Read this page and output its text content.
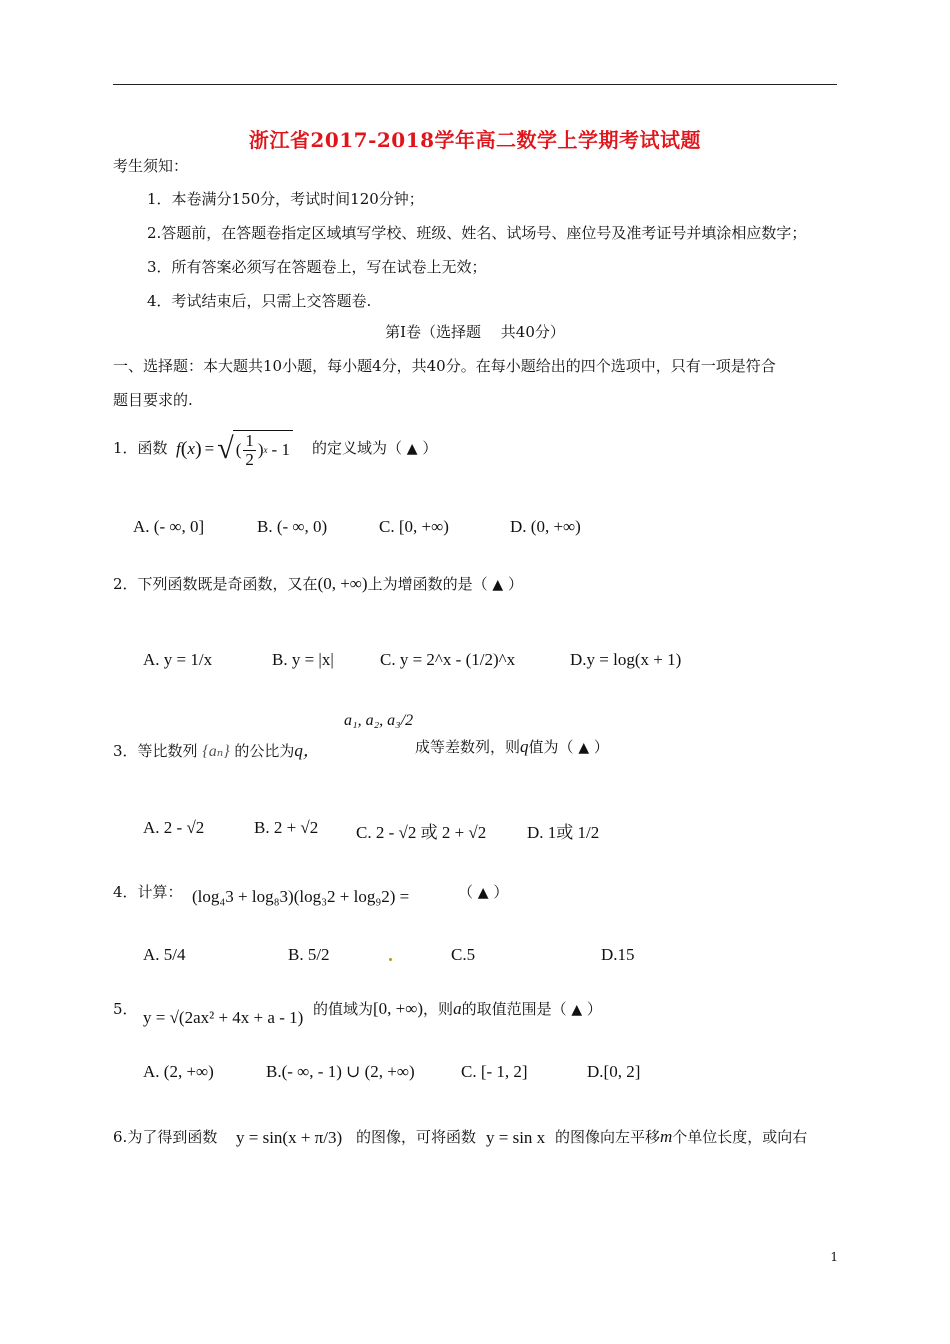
浙江省2017-2018学年高二数学上学期考试试题
考生须知：
1．本卷满分150分，考试时间120分钟；
2.答题前，在答题卷指定区域填写学校、班级、姓名、试场号、座位号及准考证号并填涂相应数字；
3．所有答案必须写在答题卷上，写在试卷上无效；
4．考试结束后，只需上交答题卷.
第Ⅰ卷（选择题　 共40分）
一、选择题：本大题共10小题，每小题4分，共40分。在每小题给出的四个选项中，只有一项是符合
题目要求的.
1．函数 f ( x ) = √ ( $\frac{1}{2}$ ) x - 1 的定义域为（ ▲ ）
A. (- ∞, 0]	B. (- ∞, 0)	C. [0, +∞)	D. (0, +∞)
2．下列函数既是奇函数，又在(0, +∞)上为增函数的是（ ▲ ）
A. y = 1/x	B. y = |x|	C. y = 2^x - (1/2)^x	D.y = log(x + 1)
3．等比数列 {aₙ} 的公比为q，
a₁, a₂, a₃/2
成等差数列，则q值为（ ▲ ）
A. 2 - √2	B. 2 + √2 C. 2 - √2 或 2 + √2 D. 1或 1/2
4．计算： (log₄3 + log₈3)(log₃2 + log₉2) =	（ ▲ ）
A. 5/4	B. 5/2	C.5	D.15
5． y = √(2ax² + 4x + a - 1) 的值域为[0, +∞)，则a的取值范围是（ ▲ ）
A. (2, +∞)	B.(- ∞, - 1) ∪ (2, +∞)	C. [- 1, 2]	D.[0, 2]
6.为了得到函数 y = sin(x + π/3) 的图像，可将函数 y = sin x 的图像向左平移m个单位长度，或向右
1
